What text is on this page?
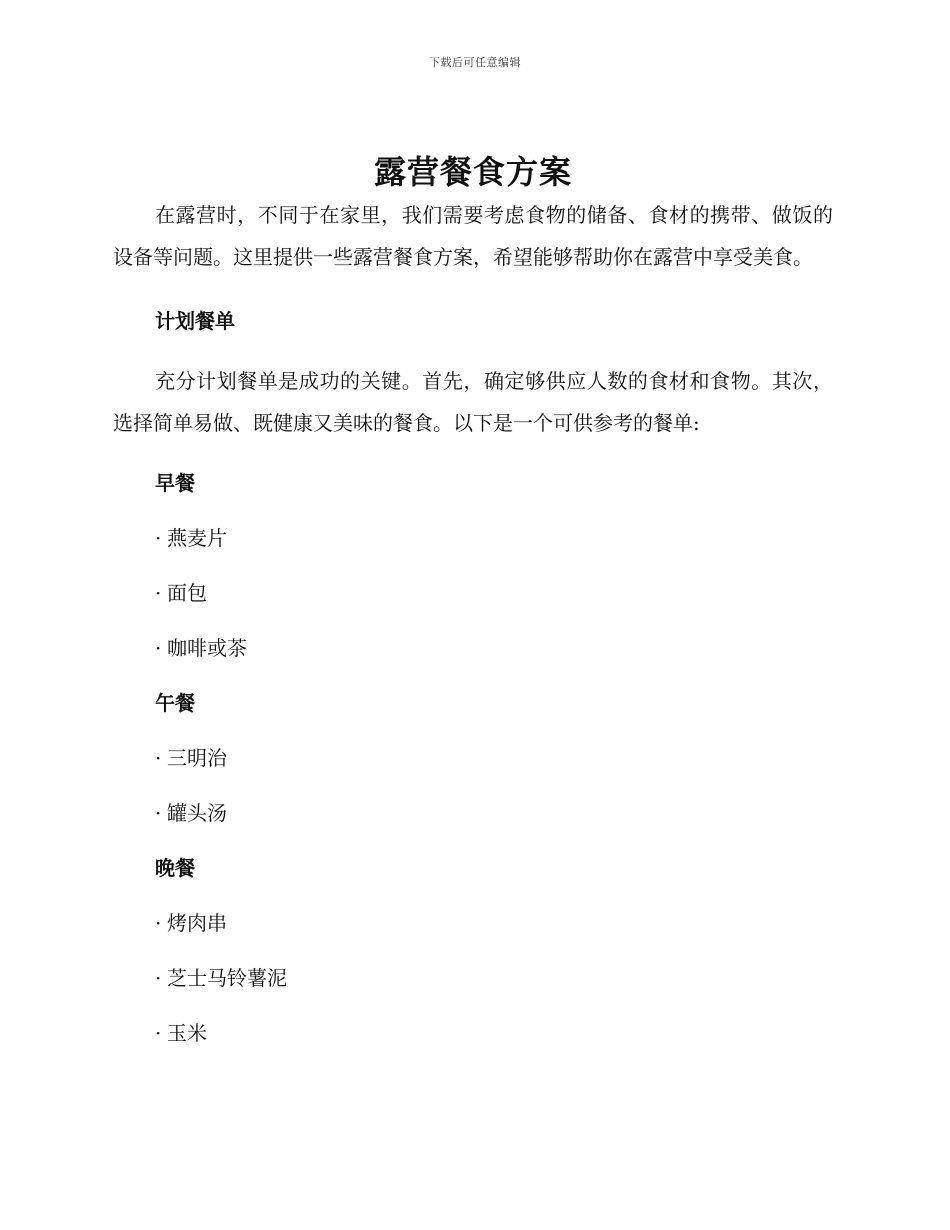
下载后可任意编辑
露营餐食方案

在露营时，不同于在家里，我们需要考虑食物的储备、食材的携带、做饭的设备等问题。这里提供一些露营餐食方案，希望能够帮助你在露营中享受美食。

计划餐单

充分计划餐单是成功的关键。首先，确定够供应人数的食材和食物。其次，选择简单易做、既健康又美味的餐食。以下是一个可供参考的餐单:

早餐

· 燕麦片

· 面包

· 咖啡或茶

午餐

· 三明治

· 罐头汤

晚餐

· 烤肉串

· 芝士马铃薯泥

· 玉米
